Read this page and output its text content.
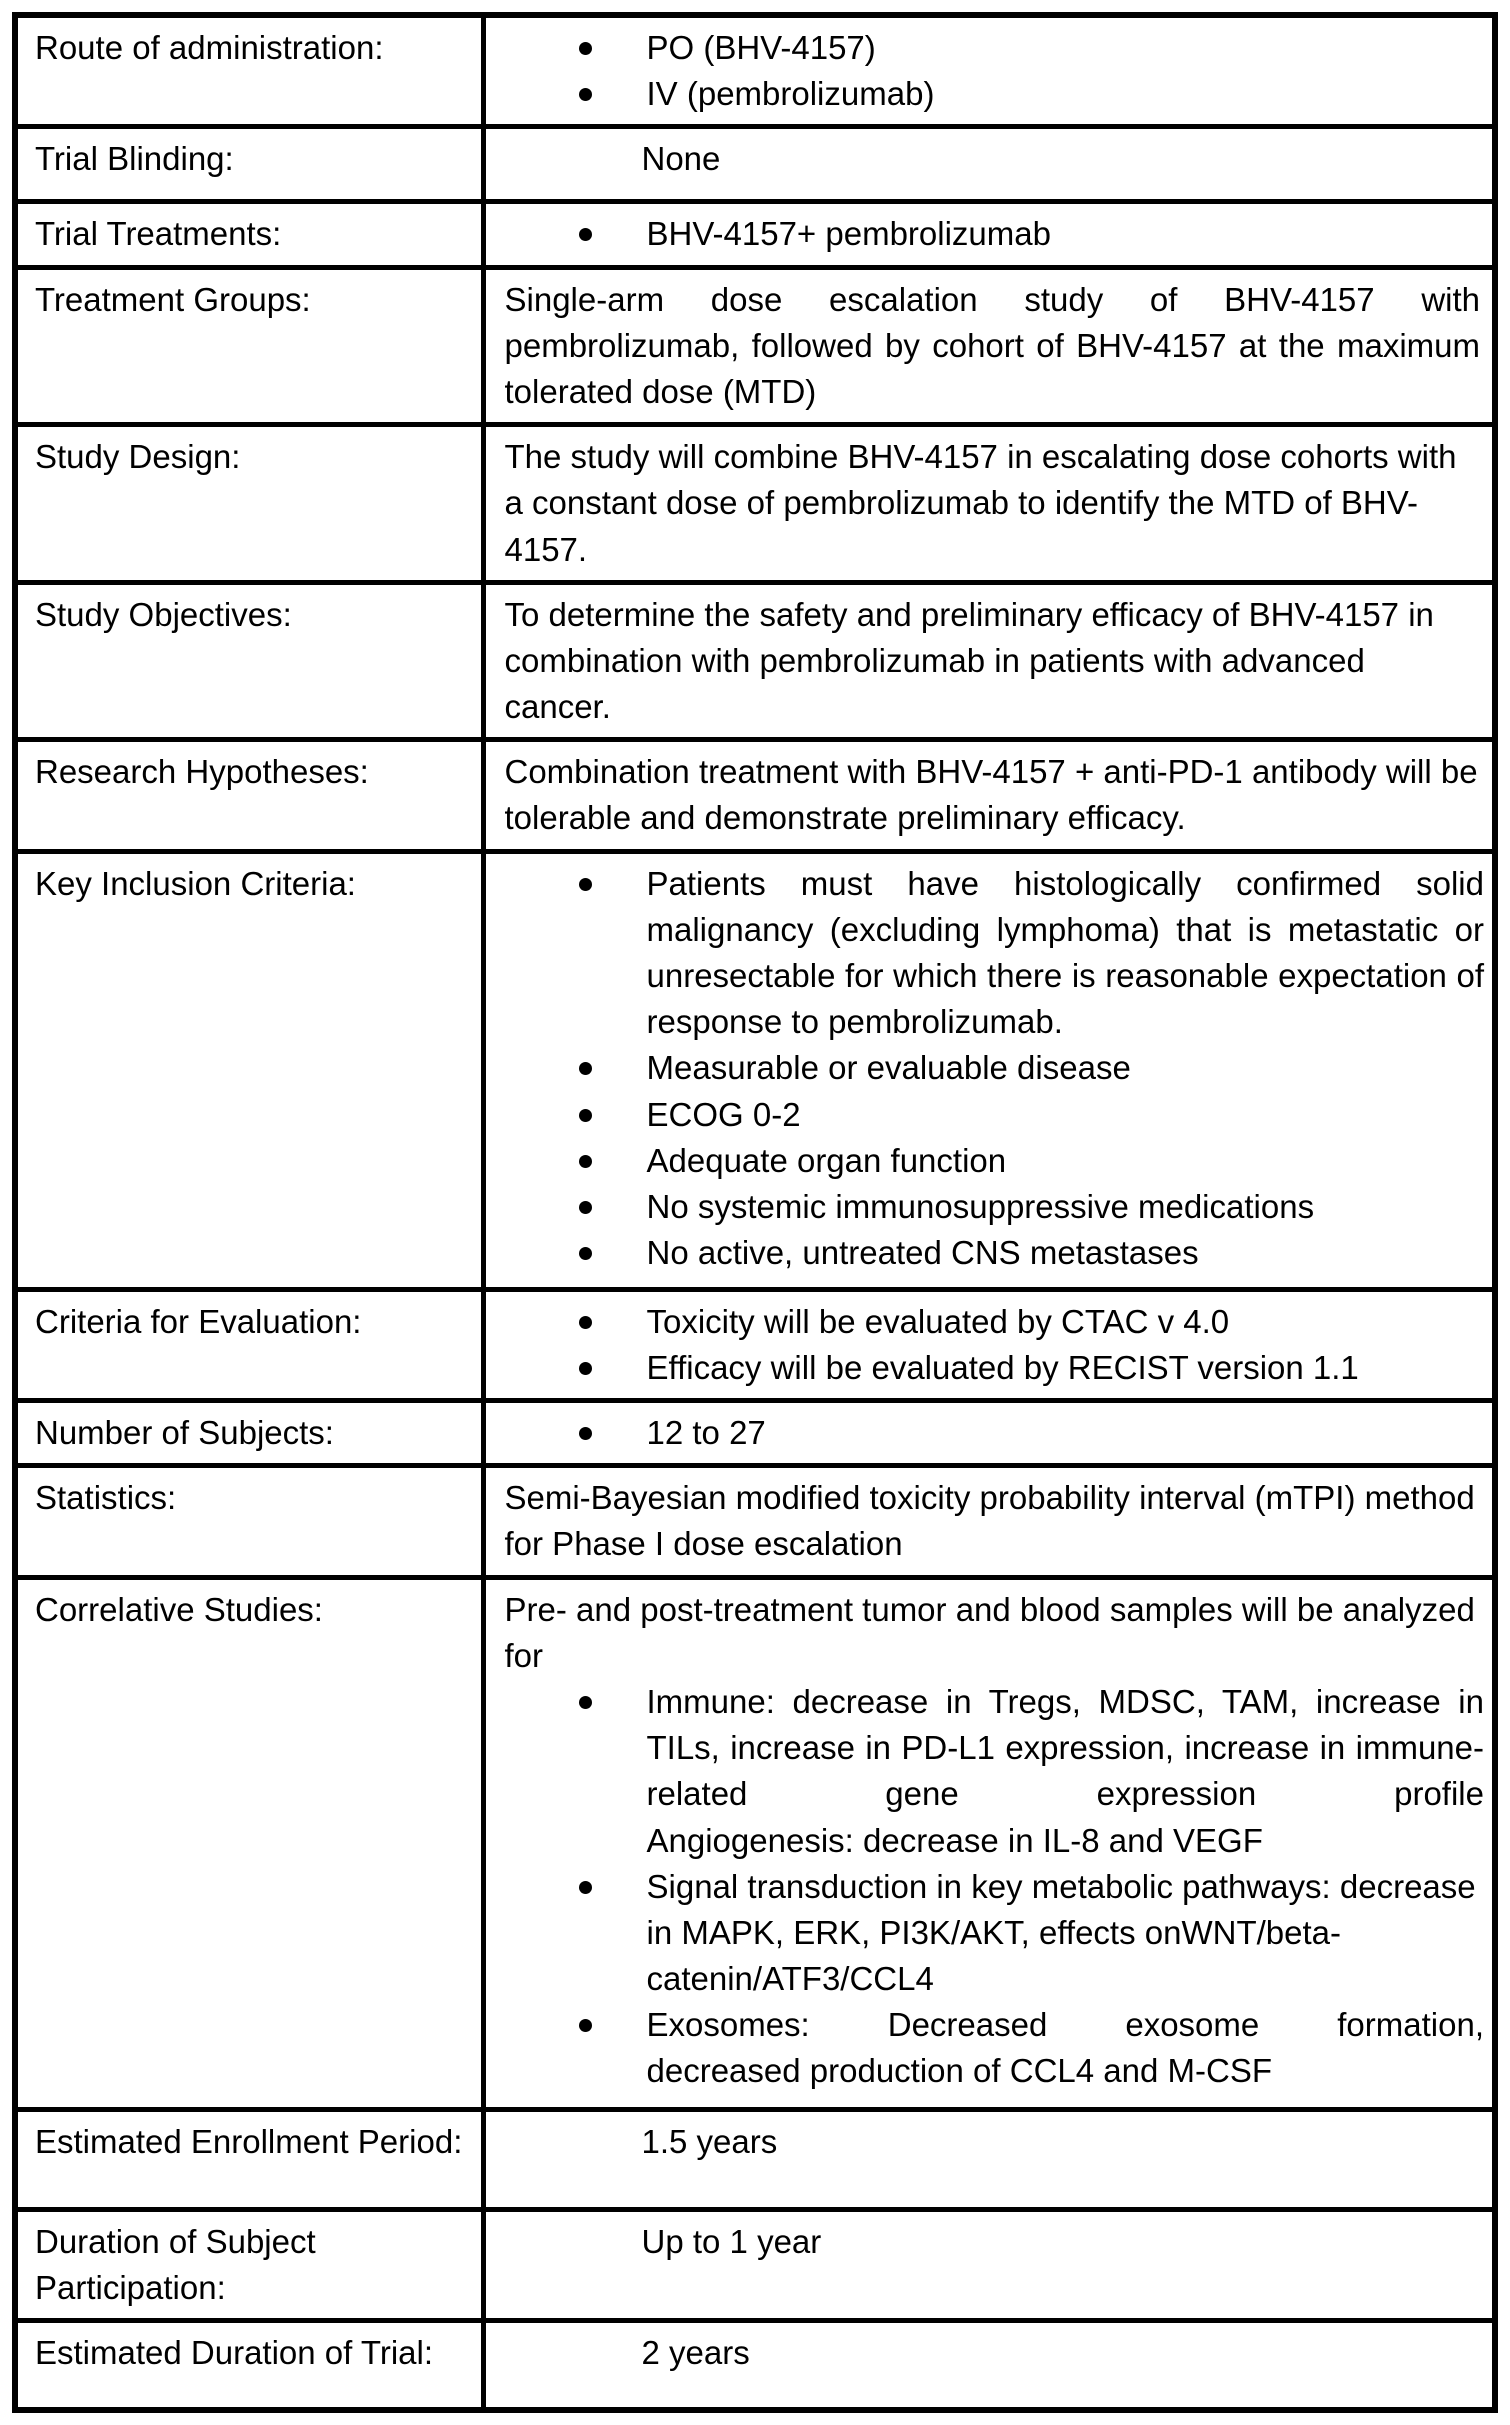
Route of administration:	PO (BHV-4157)
IV (pembrolizumab)

Trial Blinding:	None

Trial Treatments:	BHV-4157+ pembrolizumab

Treatment Groups:	Single-arm dose escalation study of BHV-4157 with pembrolizumab, followed by cohort of BHV-4157 at the maximum tolerated dose (MTD)

Study Design:	The study will combine BHV-4157 in escalating dose cohorts with a constant dose of pembrolizumab to identify the MTD of BHV-4157.

Study Objectives:	To determine the safety and preliminary efficacy of BHV-4157 in combination with pembrolizumab in patients with advanced cancer.

Research Hypotheses:	Combination treatment with BHV-4157 + anti-PD-1 antibody will be tolerable and demonstrate preliminary efficacy.

Key Inclusion Criteria:	Patients must have histologically confirmed solid malignancy (excluding lymphoma) that is metastatic or unresectable for which there is reasonable expectation of response to pembrolizumab.
Measurable or evaluable disease
ECOG 0-2
Adequate organ function
No systemic immunosuppressive medications
No active, untreated CNS metastases

Criteria for Evaluation:	Toxicity will be evaluated by CTAC v 4.0
Efficacy will be evaluated by RECIST version 1.1

Number of Subjects:	12 to 27

Statistics:	Semi-Bayesian modified toxicity probability interval (mTPI) method for Phase I dose escalation

Correlative Studies:	Pre- and post-treatment tumor and blood samples will be analyzed for
Immune: decrease in Tregs, MDSC, TAM, increase in TILs, increase in PD-L1 expression, increase in immune-related gene expression profile
Angiogenesis: decrease in IL-8 and VEGF
Signal transduction in key metabolic pathways: decrease in MAPK, ERK, PI3K/AKT, effects onWNT/beta-catenin/ATF3/CCL4
Exosomes: Decreased exosome formation,
decreased production of CCL4 and M-CSF

Estimated Enrollment Period:	1.5 years

Duration of Subject Participation:	Up to 1 year

Estimated Duration of Trial:	2 years
